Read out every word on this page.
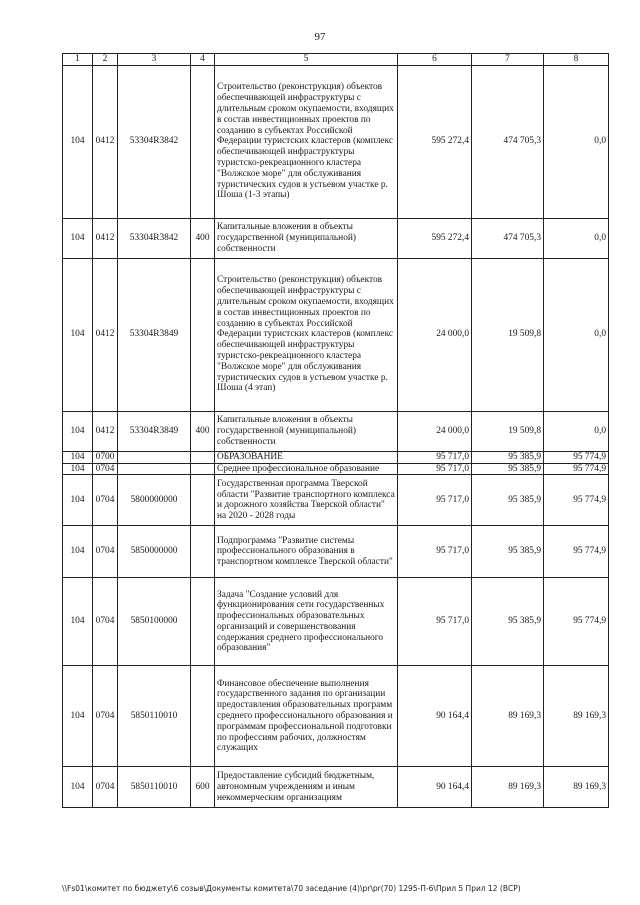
97
1	2	3	4	5	6	7	8
104	0412	53304R3842		Строительство (реконструкция) объектов обеспечивающей инфраструктуры с длительным сроком окупаемости, входящих в состав инвестиционных проектов по созданию в субъектах Российской Федерации туристских кластеров (комплекс обеспечивающей инфраструктуры туристско-рекреационного кластера "Волжское море" для обслуживания туристических судов в устьевом участке р. Шоша (1-3 этапы)	595 272,4	474 705,3	0,0
104	0412	53304R3842	400	Капитальные вложения в объекты государственной (муниципальной) собственности	595 272,4	474 705,3	0,0
104	0412	53304R3849		Строительство (реконструкция) объектов обеспечивающей инфраструктуры с длительным сроком окупаемости, входящих в состав инвестиционных проектов по созданию в субъектах Российской Федерации туристских кластеров (комплекс обеспечивающей инфраструктуры туристско-рекреационного кластера "Волжское море" для обслуживания туристических судов в устьевом участке р. Шоша (4 этап)	24 000,0	19 509,8	0,0
104	0412	53304R3849	400	Капитальные вложения в объекты государственной (муниципальной) собственности	24 000,0	19 509,8	0,0
104	0700			ОБРАЗОВАНИЕ	95 717,0	95 385,9	95 774,9
104	0704			Среднее профессиональное образование	95 717,0	95 385,9	95 774,9
104	0704	5800000000		Государственная программа Тверской области "Развитие транспортного комплекса и дорожного хозяйства Тверской области" на 2020 - 2028 годы	95 717,0	95 385,9	95 774,9
104	0704	5850000000		Подпрограмма "Развитие системы профессионального образования в транспортном комплексе Тверской области"	95 717,0	95 385,9	95 774,9
104	0704	5850100000		Задача "Создание условий для функционирования сети государственных профессиональных образовательных организаций и совершенствования содержания среднего профессионального образования"	95 717,0	95 385,9	95 774,9
104	0704	5850110010		Финансовое обеспечение выполнения государственного задания по организации предоставления образовательных программ среднего профессионального образования и программам профессиональной подготовки по профессиям рабочих, должностям служащих	90 164,4	89 169,3	89 169,3
104	0704	5850110010	600	Предоставление субсидий бюджетным, автономным учреждениям и иным некоммерческим организациям	90 164,4	89 169,3	89 169,3
\\Fs01\комитет по бюджету\6 созыв\Документы комитета\70 заседание (4)\pr\pr(70) 1295-П-6\Прил 5 Прил 12 (ВСР)
